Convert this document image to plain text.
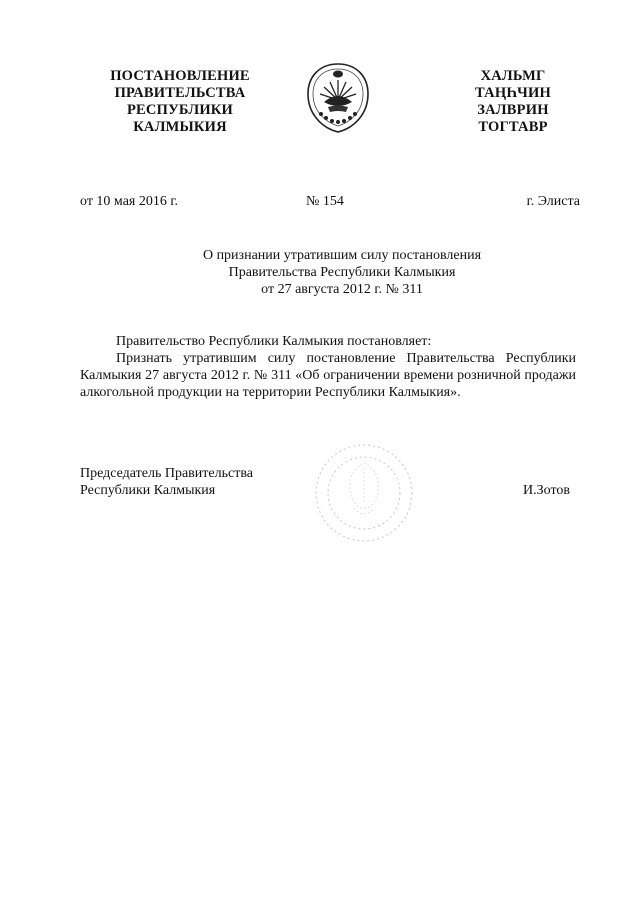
ПОСТАНОВЛЕНИЕ
ПРАВИТЕЛЬСТВА
РЕСПУБЛИКИ
КАЛМЫКИЯ
ХАЛЬМГ
ТАҢҺЧИН
ЗАЛВРИН
ТОГТАВР
от 10 мая 2016 г.	№ 154	г. Элиста
О признании утратившим силу постановления
Правительства Республики Калмыкия
от 27 августа 2012 г. № 311

Правительство Республики Калмыкия постановляет:

Признать утратившим силу постановление Правительства Республики Калмыкия 27 августа 2012 г. № 311 «Об ограничении времени розничной продажи алкогольной продукции на территории Республики Калмыкия».

Председатель Правительства
Республики Калмыкия	И.Зотов
